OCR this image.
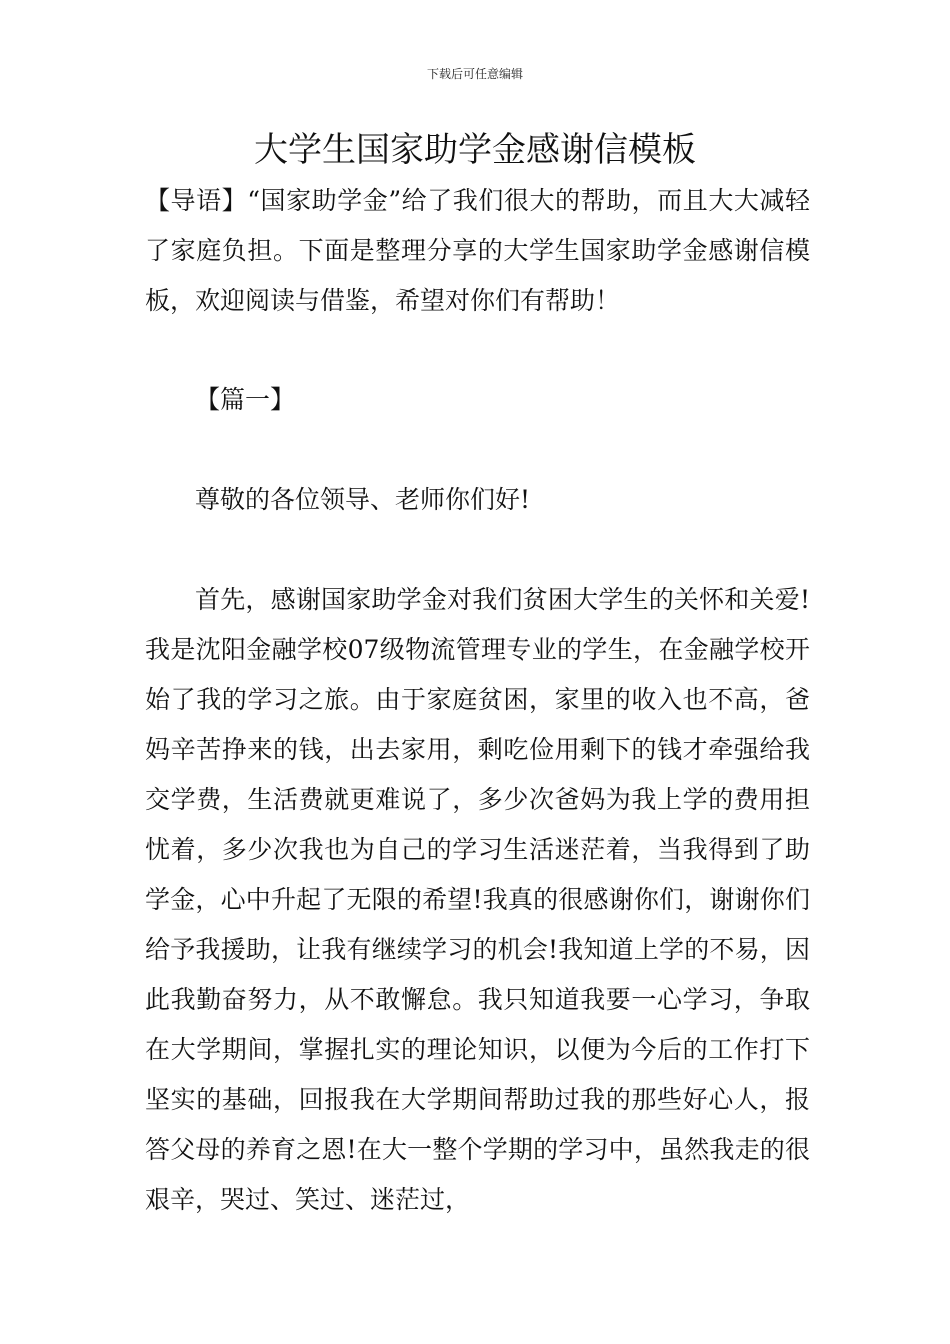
下载后可任意编辑
大学生国家助学金感谢信模板

【导语】“国家助学金”给了我们很大的帮助，而且大大减轻了家庭负担。下面是整理分享的大学生国家助学金感谢信模板，欢迎阅读与借鉴，希望对你们有帮助！

【篇一】

尊敬的各位领导、老师你们好!

首先，感谢国家助学金对我们贫困大学生的关怀和关爱!我是沈阳金融学校07级物流管理专业的学生，在金融学校开始了我的学习之旅。由于家庭贫困，家里的收入也不高，爸妈辛苦挣来的钱，出去家用，剩吃俭用剩下的钱才牵强给我交学费，生活费就更难说了，多少次爸妈为我上学的费用担忧着，多少次我也为自己的学习生活迷茫着，当我得到了助学金，心中升起了无限的希望!我真的很感谢你们，谢谢你们给予我援助，让我有继续学习的机会!我知道上学的不易，因此我勤奋努力，从不敢懈怠。我只知道我要一心学习，争取在大学期间，掌握扎实的理论知识，以便为今后的工作打下坚实的基础，回报我在大学期间帮助过我的那些好心人，报答父母的养育之恩!在大一整个学期的学习中，虽然我走的很艰辛，哭过、笑过、迷茫过，
